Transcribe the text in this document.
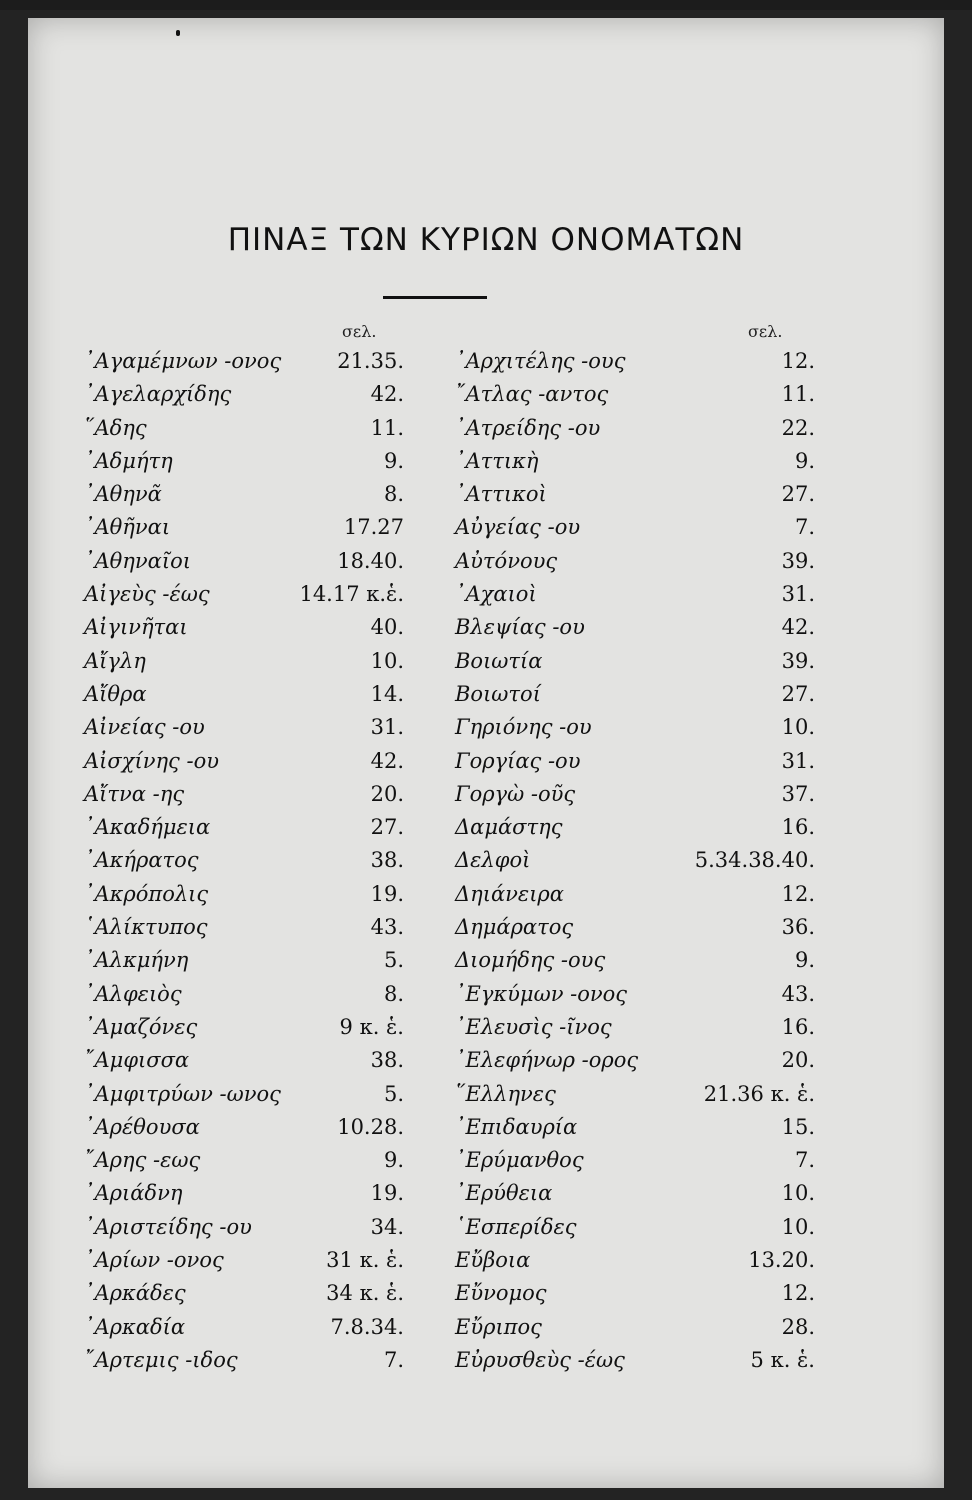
ΠΙΝΑΞ ΤΩΝ ΚΥΡΙΩΝ ΟΝΟΜΑΤΩΝ
σελ.	σελ.
᾿Αγαμέμνων -ονος	21.35.
᾿Αγελαρχίδης	42.
῞Αδης	11.
᾿Αδμήτη	9.
᾿Αθηνᾶ	8.
᾿Αθῆναι	17.27
᾿Αθηναῖοι	18.40.
Αἰγεὺς -έως	14.17 κ.ἑ.
Αἰγινῆται	40.
Αἴγλη	10.
Αἴθρα	14.
Αἰνείας -ου	31.
Αἰσχίνης -ου	42.
Αἴτνα -ης	20.
᾿Ακαδήμεια	27.
᾿Ακήρατος	38.
᾿Ακρόπολις	19.
῾Αλίκτυπος	43.
᾿Αλκμήνη	5.
᾿Αλφειὸς	8.
᾿Αμαζόνες	9 κ. ἑ.
῎Αμφισσα	38.
᾿Αμφιτρύων -ωνος	5.
᾿Αρέθουσα	10.28.
῎Αρης -εως	9.
᾿Αριάδνη	19.
᾿Αριστείδης -ου	34.
᾿Αρίων -ονος	31 κ. ἑ.
᾿Αρκάδες	34 κ. ἑ.
᾿Αρκαδία	7.8.34.
῎Αρτεμις -ιδος	7.
᾿Αρχιτέλης -ους	12.
῎Ατλας -αντος	11.
᾿Ατρείδης -ου	22.
᾿Αττικὴ	9.
᾿Αττικοὶ	27.
Αὐγείας -ου	7.
Αὐτόνους	39.
᾿Αχαιοὶ	31.
Βλεψίας -ου	42.
Βοιωτία	39.
Βοιωτοί	27.
Γηριόνης -ου	10.
Γοργίας -ου	31.
Γοργὼ -οῦς	37.
Δαμάστης	16.
Δελφοὶ	5.34.38.40.
Δηιάνειρα	12.
Δημάρατος	36.
Διομήδης -ους	9.
᾿Εγκύμων -ονος	43.
᾿Ελευσὶς -ῖνος	16.
᾿Ελεφήνωρ -ορος	20.
῞Ελληνες	21.36 κ. ἑ.
᾿Επιδαυρία	15.
᾿Ερύμανθος	7.
᾿Ερύθεια	10.
῾Εσπερίδες	10.
Εὔβοια	13.20.
Εὔνομος	12.
Εὔριπος	28.
Εὐρυσθεὺς -έως	5 κ. ἑ.
